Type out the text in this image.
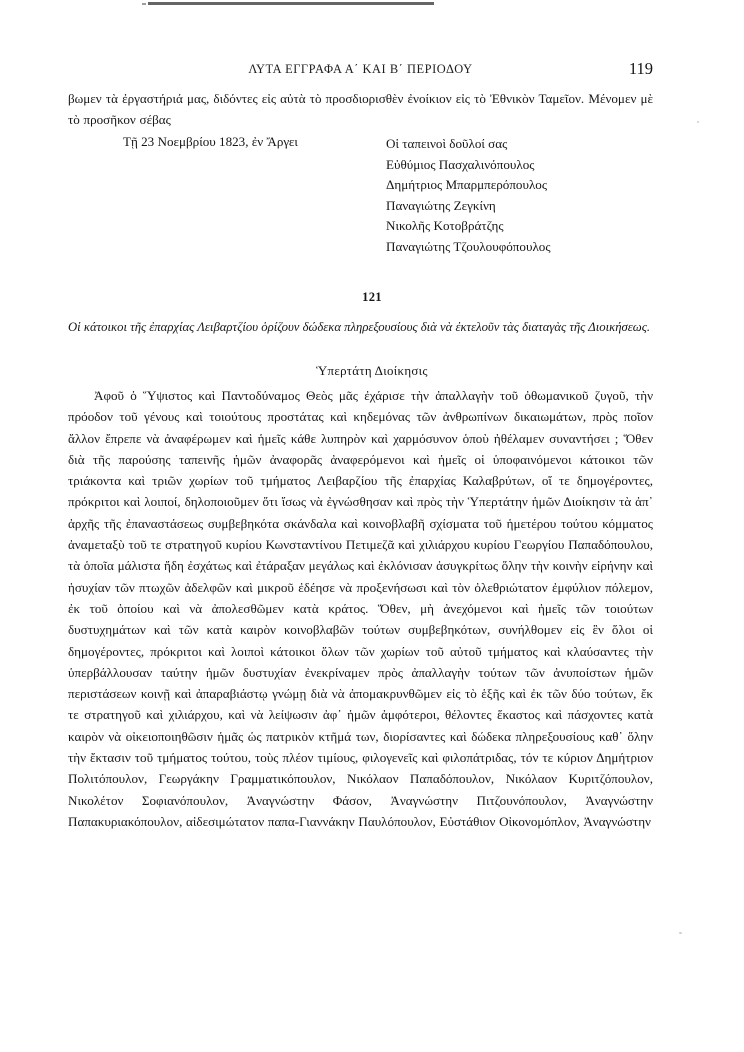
ΛΥΤΑ ΕΓΓΡΑΦΑ Α΄ ΚΑΙ Β΄ ΠΕΡΙΟΔΟΥ	119

βωμεν τὰ ἐργαστήριά μας, διδόντες εἰς αὐτὰ τὸ προσδιορισθὲν ἐνοίκιον εἰς τὸ Ἐθνικὸν Ταμεῖον. Μένομεν μὲ τὸ προσῆκον σέβας

Τῇ 23 Νοεμβρίου 1823, ἐν Ἄργει	Οἱ ταπεινοὶ δοῦλοί σας
Εὐθύμιος Πασχαλινόπουλος
Δημήτριος Μπαρμπερόπουλος
Παναγιώτης Ζεγκίνη
Νικολῆς Κοτοβράτζης
Παναγιώτης Τζουλουφόπουλος
121

Οἱ κάτοικοι τῆς ἐπαρχίας Λειβαρτζίου ὁρίζουν δώδεκα πληρεξουσίους διὰ νὰ ἐκτελοῦν τὰς διαταγὰς τῆς Διοικήσεως.

Ὑπερτάτη Διοίκησις

Ἀφοῦ ὁ Ὕψιστος καὶ Παντοδύναμος Θεὸς μᾶς ἐχάρισε τὴν ἀπαλλαγὴν τοῦ ὀθωμανικοῦ ζυγοῦ, τὴν πρόοδον τοῦ γένους καὶ τοιούτους προστάτας καὶ κηδεμόνας τῶν ἀνθρωπίνων δικαιωμάτων, πρὸς ποῖον ἄλλον ἔπρεπε νὰ ἀναφέρωμεν καὶ ἡμεῖς κάθε λυπηρὸν καὶ χαρμόσυνον ὁποὺ ἠθέλαμεν συναντήσει ; Ὅθεν διὰ τῆς παρούσης ταπεινῆς ἡμῶν ἀναφορᾶς ἀναφερόμενοι καὶ ἡμεῖς οἱ ὑποφαινόμενοι κάτοικοι τῶν τριάκοντα καὶ τριῶν χωρίων τοῦ τμήματος Λειβαρζίου τῆς ἐπαρχίας Καλαβρύτων, οἵ τε δημογέροντες, πρόκριτοι καὶ λοιποί, δηλοποιοῦμεν ὅτι ἴσως νὰ ἐγνώσθησαν καὶ πρὸς τὴν Ὑπερτάτην ἡμῶν Διοίκησιν τὰ ἀπ᾽ ἀρχῆς τῆς ἐπαναστάσεως συμβεβηκότα σκάνδαλα καὶ κοινοβλαβῆ σχίσματα τοῦ ἡμετέρου τούτου κόμματος ἀναμεταξὺ τοῦ τε στρατηγοῦ κυρίου Κωνσταντίνου Πετιμεζᾶ καὶ χιλιάρχου κυρίου Γεωργίου Παπαδόπουλου, τὰ ὁποῖα μάλιστα ἤδη ἐσχάτως καὶ ἐτάραξαν μεγάλως καὶ ἐκλόνισαν ἀσυγκρίτως ὅλην τὴν κοινὴν εἰρήνην καὶ ἡσυχίαν τῶν πτωχῶν ἀδελφῶν καὶ μικροῦ ἐδέησε νὰ προξενήσωσι καὶ τὸν ὀλεθριώτατον ἐμφύλιον πόλεμον, ἐκ τοῦ ὁποίου καὶ νὰ ἀπολεσθῶμεν κατὰ κράτος. Ὅθεν, μὴ ἀνεχόμενοι καὶ ἡμεῖς τῶν τοιούτων δυστυχημάτων καὶ τῶν κατὰ καιρὸν κοινοβλαβῶν τούτων συμβεβηκότων, συνήλθομεν εἰς ἓν ὅλοι οἱ δημογέροντες, πρόκριτοι καὶ λοιποὶ κάτοικοι ὅλων τῶν χωρίων τοῦ αὐτοῦ τμήματος καὶ κλαύσαντες τὴν ὑπερβάλλουσαν ταύτην ἡμῶν δυστυχίαν ἐνεκρίναμεν πρὸς ἀπαλλαγὴν τούτων τῶν ἀνυποίστων ἡμῶν περιστάσεων κοινῇ καὶ ἀπαραβιάστῳ γνώμῃ διὰ νὰ ἀπομακρυνθῶμεν εἰς τὸ ἑξῆς καὶ ἐκ τῶν δύο τούτων, ἔκ τε στρατηγοῦ καὶ χιλιάρχου, καὶ νὰ λείψωσιν ἀφ᾽ ἡμῶν ἀμφότεροι, θέλοντες ἕκαστος καὶ πάσχοντες κατὰ καιρὸν νὰ οἰκειοποιηθῶσιν ἡμᾶς ὡς πατρικὸν κτῆμά των, διορίσαντες καὶ δώδεκα πληρεξουσίους καθ᾽ ὅλην τὴν ἔκτασιν τοῦ τμήματος τούτου, τοὺς πλέον τιμίους, φιλογενεῖς καὶ φιλοπάτριδας, τόν τε κύριον Δημήτριον Πολιτόπουλον, Γεωργάκην Γραμματικόπουλον, Νικόλαον Παπαδόπουλον, Νικόλαον Κυριτζόπουλον, Νικολέτον Σοφιανόπουλον, Ἀναγνώστην Φάσον, Ἀναγνώστην Πιτζουνόπουλον, Ἀναγνώστην Παπακυριακόπουλον, αἰδεσιμώτατον παπα-Γιαννάκην Παυλόπουλον, Εὐστάθιον Οἰκονομόπλον, Ἀναγνώστην
